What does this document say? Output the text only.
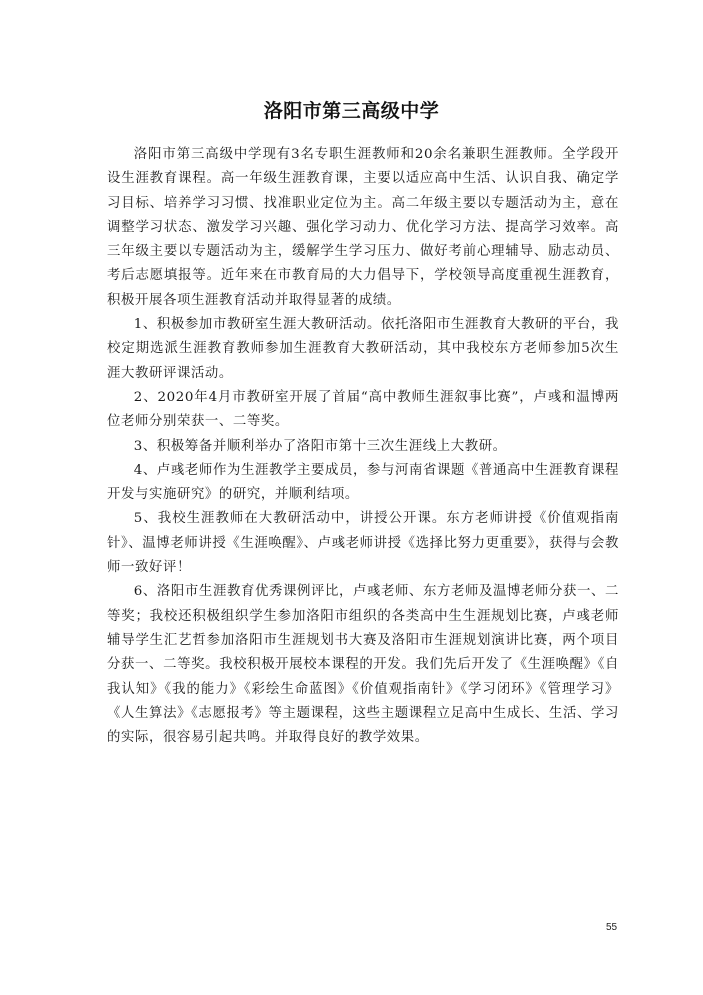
洛阳市第三高级中学

洛阳市第三高级中学现有3名专职生涯教师和20余名兼职生涯教师。全学段开设生涯教育课程。高一年级生涯教育课，主要以适应高中生活、认识自我、确定学习目标、培养学习习惯、找准职业定位为主。高二年级主要以专题活动为主，意在调整学习状态、激发学习兴趣、强化学习动力、优化学习方法、提高学习效率。高三年级主要以专题活动为主，缓解学生学习压力、做好考前心理辅导、励志动员、考后志愿填报等。近年来在市教育局的大力倡导下，学校领导高度重视生涯教育，积极开展各项生涯教育活动并取得显著的成绩。

1、积极参加市教研室生涯大教研活动。依托洛阳市生涯教育大教研的平台，我校定期选派生涯教育教师参加生涯教育大教研活动，其中我校东方老师参加5次生涯大教研评课活动。

2、2020年4月市教研室开展了首届“高中教师生涯叙事比赛”，卢彧和温博两位老师分别荣获一、二等奖。

3、积极筹备并顺利举办了洛阳市第十三次生涯线上大教研。

4、卢彧老师作为生涯教学主要成员，参与河南省课题《普通高中生涯教育课程开发与实施研究》的研究，并顺利结项。

5、我校生涯教师在大教研活动中，讲授公开课。东方老师讲授《价值观指南针》、温博老师讲授《生涯唤醒》、卢彧老师讲授《选择比努力更重要》，获得与会教师一致好评！

6、洛阳市生涯教育优秀课例评比，卢彧老师、东方老师及温博老师分获一、二等奖；我校还积极组织学生参加洛阳市组织的各类高中生生涯规划比赛，卢彧老师辅导学生汇艺哲参加洛阳市生涯规划书大赛及洛阳市生涯规划演讲比赛，两个项目分获一、二等奖。我校积极开展校本课程的开发。我们先后开发了《生涯唤醒》《自我认知》《我的能力》《彩绘生命蓝图》《价值观指南针》《学习闭环》《管理学习》《人生算法》《志愿报考》等主题课程，这些主题课程立足高中生成长、生活、学习的实际，很容易引起共鸣。并取得良好的教学效果。

55
